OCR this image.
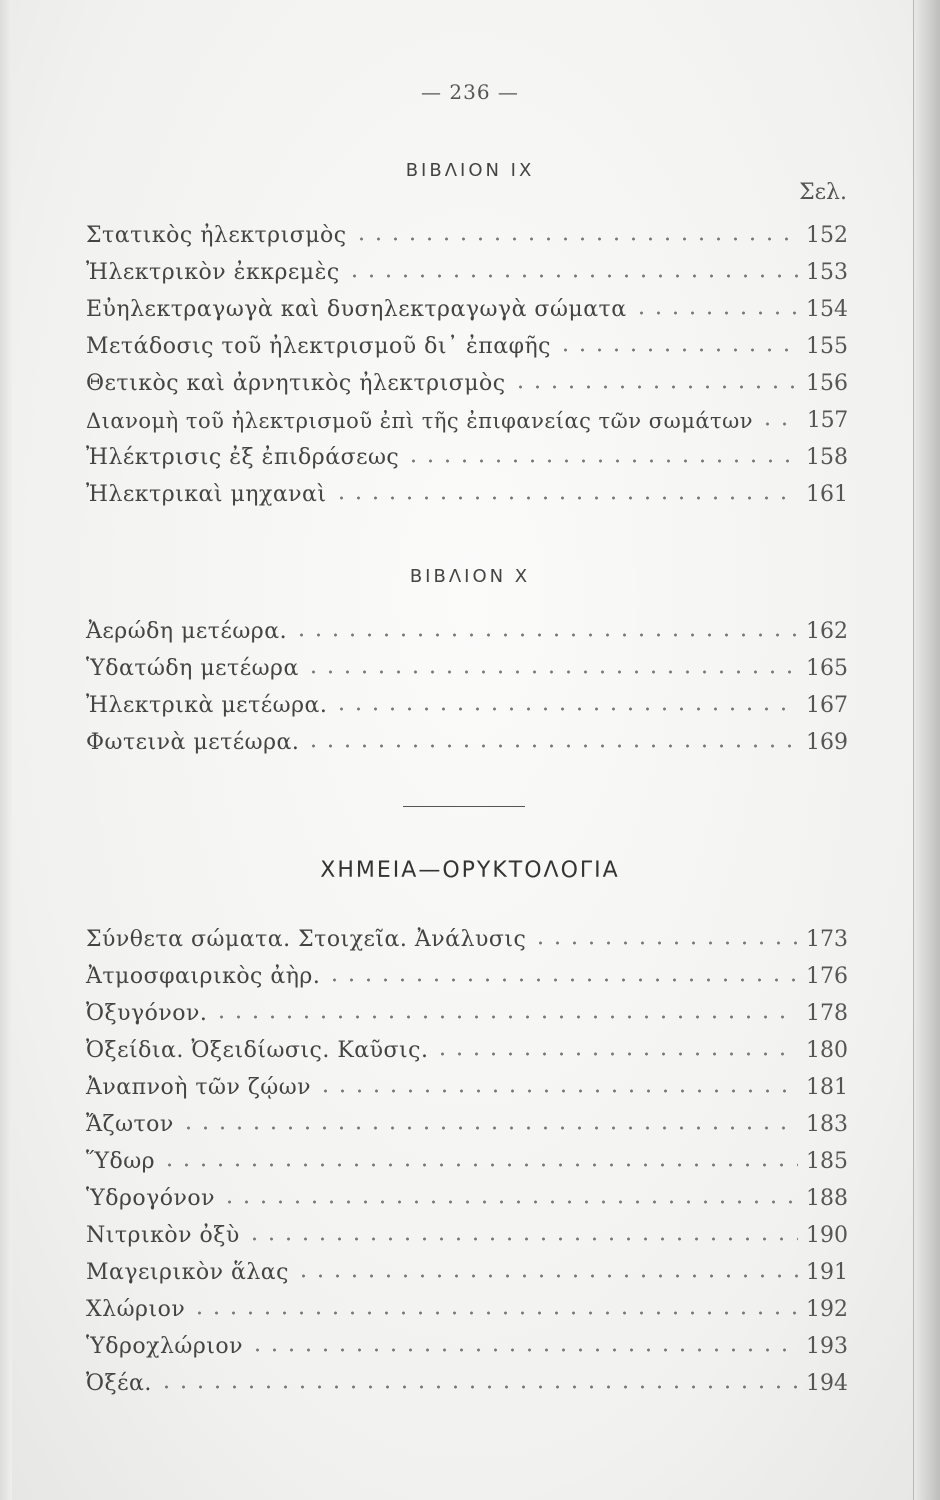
— 236 —
ΒΙΒΛΙΟΝ ΙΧ
Σελ.
Στατικὸς ἠλεκτρισμὸς	152
Ἠλεκτρικὸν ἐκκρεμὲς	153
Εὐηλεκτραγωγὰ καὶ δυσηλεκτραγωγὰ σώματα	154
Μετάδοσις τοῦ ἠλεκτρισμοῦ δι᾽ ἐπαφῆς	155
Θετικὸς καὶ ἀρνητικὸς ἠλεκτρισμὸς	156
Διανομὴ τοῦ ἠλεκτρισμοῦ ἐπὶ τῆς ἐπιφανείας τῶν σωμάτων 157
Ἠλέκτρισις ἐξ ἐπιδράσεως	158
Ἠλεκτρικαὶ μηχαναὶ	161
ΒΙΒΛΙΟΝ Χ
Ἀερώδη μετέωρα.	162
Ὑδατώδη μετέωρα	165
Ἠλεκτρικὰ μετέωρα.	167
Φωτεινὰ μετέωρα.	169
ΧΗΜΕΙΑ—ΟΡΥΚΤΟΛΟΓΙΑ
Σύνθετα σώματα. Στοιχεῖα. Ἀνάλυσις	173
Ἀτμοσφαιρικὸς ἀὴρ.	176
Ὀξυγόνον.	178
Ὀξείδια. Ὀξειδίωσις. Καῦσις.	180
Ἀναπνοὴ τῶν ζῴων	181
Ἄζωτον	183
Ὕδωρ	185
Ὑδρογόνον	188
Νιτρικὸν ὀξὺ	190
Μαγειρικὸν ἅλας	191
Χλώριον	192
Ὑδροχλώριον	193
Ὀξέα.	194
